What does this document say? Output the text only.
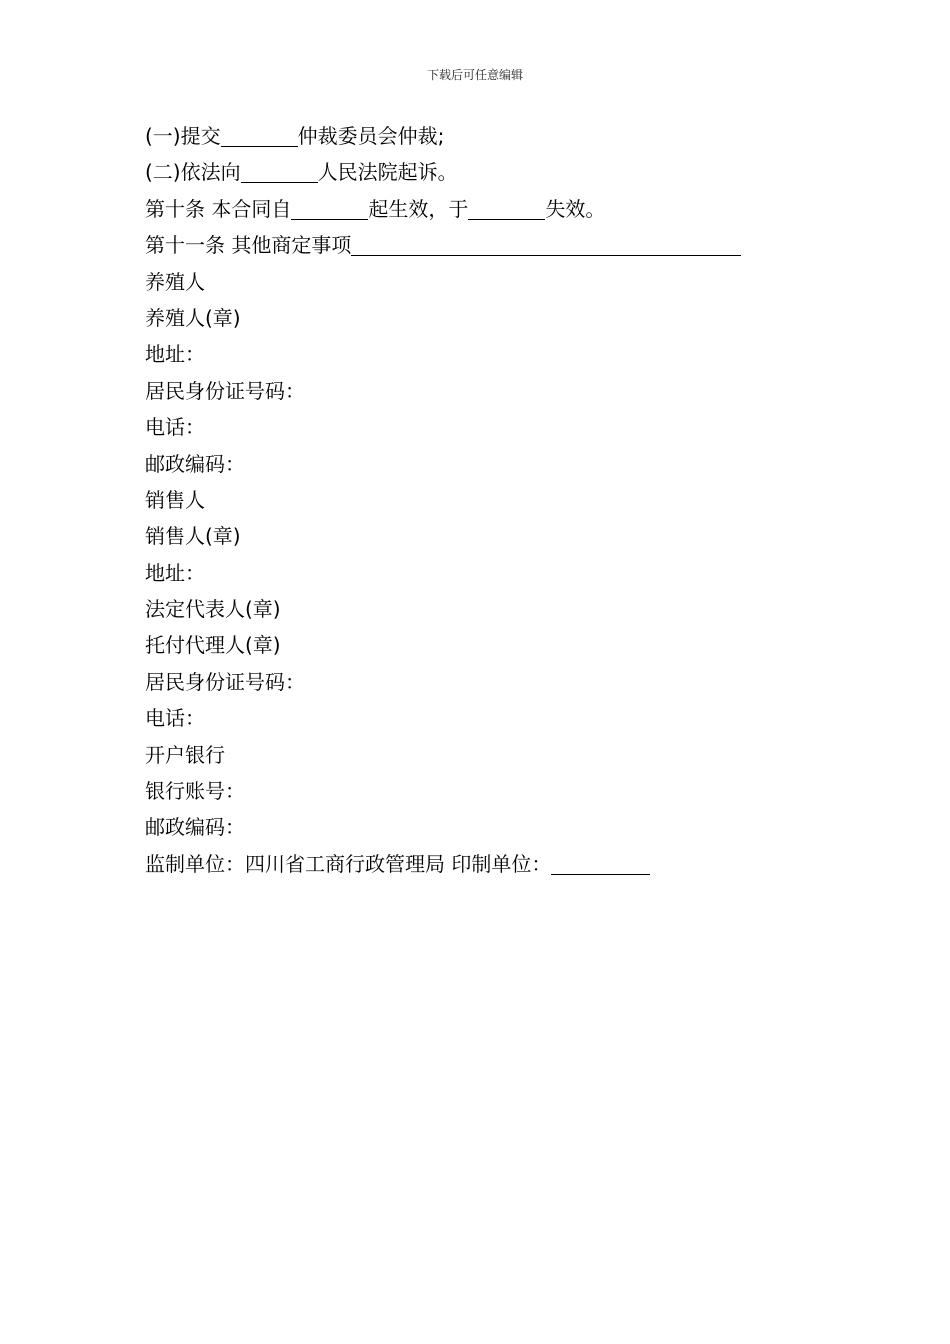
下载后可任意编辑
(一)提交	仲裁委员会仲裁;
(二)依法向	人民法院起诉。
第十条 本合同自	起生效，于	失效。
第十一条 其他商定事项
养殖人
养殖人(章)
地址：
居民身份证号码：
电话：
邮政编码：
销售人
销售人(章)
地址：
法定代表人(章)
托付代理人(章)
居民身份证号码：
电话：
开户银行
银行账号：
邮政编码：
监制单位：四川省工商行政管理局 印制单位：
